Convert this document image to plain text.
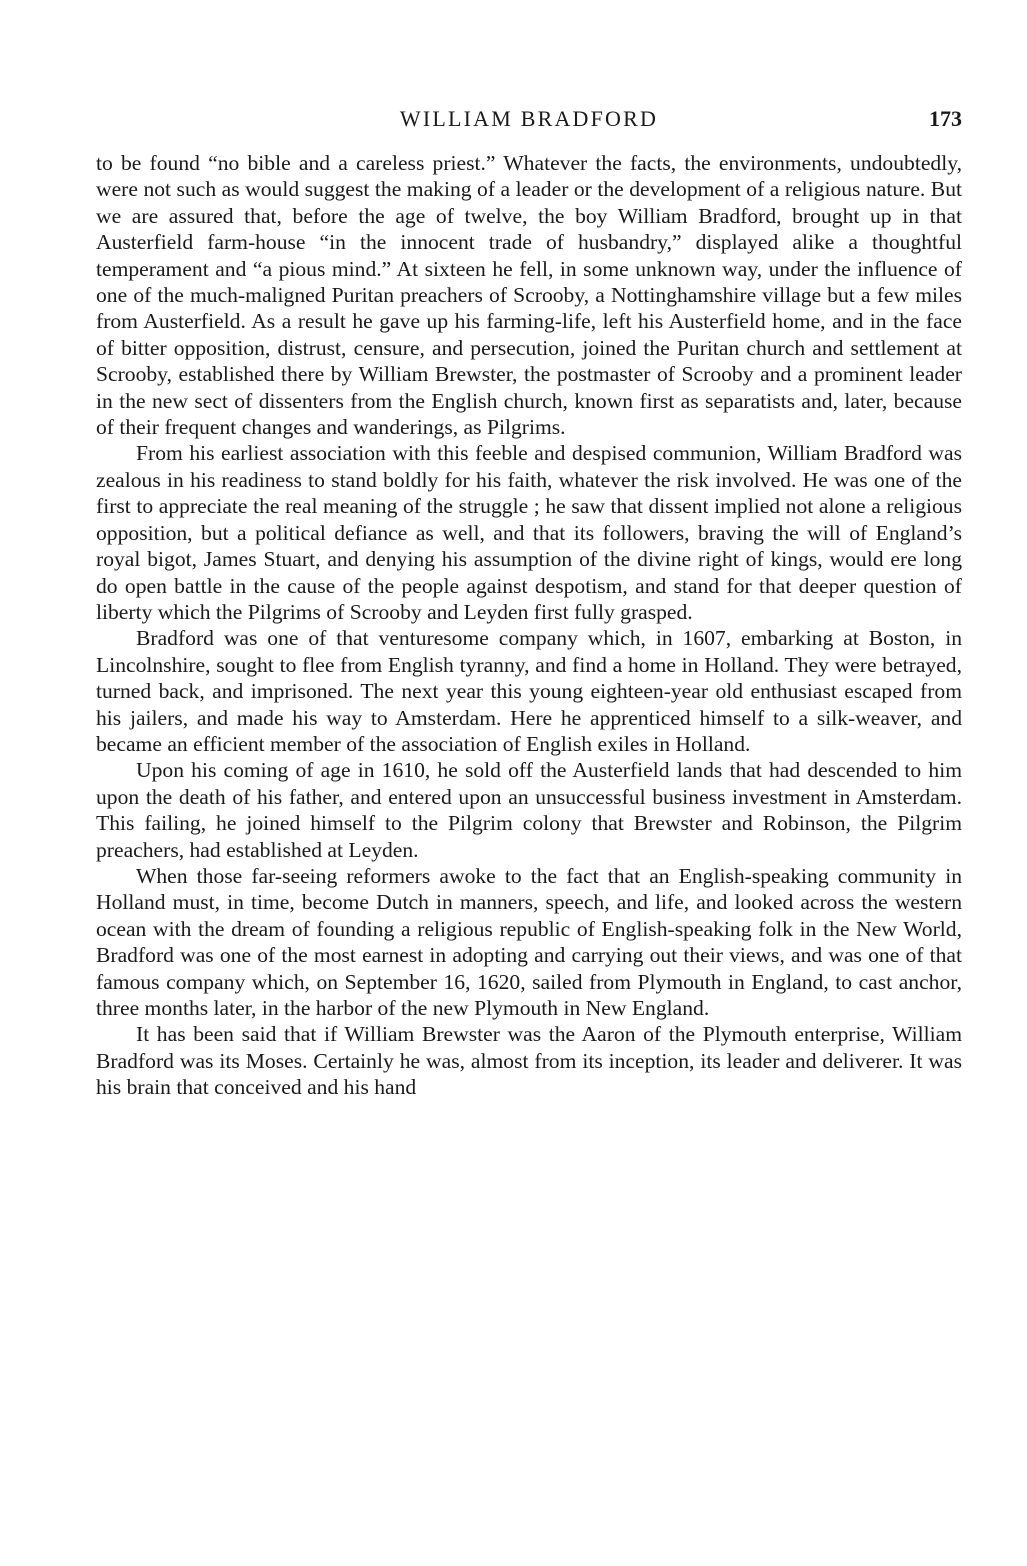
WILLIAM BRADFORD	173

to be found “no bible and a careless priest.” Whatever the facts, the environments, undoubtedly, were not such as would suggest the making of a leader or the development of a religious nature. But we are assured that, before the age of twelve, the boy William Bradford, brought up in that Austerfield farm-house “in the innocent trade of husbandry,” displayed alike a thoughtful temperament and “a pious mind.” At sixteen he fell, in some unknown way, under the influence of one of the much-maligned Puritan preachers of Scrooby, a Nottinghamshire village but a few miles from Austerfield. As a result he gave up his farming-life, left his Austerfield home, and in the face of bitter opposition, distrust, censure, and persecution, joined the Puritan church and settlement at Scrooby, established there by William Brewster, the postmaster of Scrooby and a prominent leader in the new sect of dissenters from the English church, known first as separatists and, later, because of their frequent changes and wanderings, as Pilgrims.

From his earliest association with this feeble and despised communion, William Bradford was zealous in his readiness to stand boldly for his faith, whatever the risk involved. He was one of the first to appreciate the real meaning of the struggle ; he saw that dissent implied not alone a religious opposition, but a political defiance as well, and that its followers, braving the will of England’s royal bigot, James Stuart, and denying his assumption of the divine right of kings, would ere long do open battle in the cause of the people against despotism, and stand for that deeper question of liberty which the Pilgrims of Scrooby and Leyden first fully grasped.

Bradford was one of that venturesome company which, in 1607, embarking at Boston, in Lincolnshire, sought to flee from English tyranny, and find a home in Holland. They were betrayed, turned back, and imprisoned. The next year this young eighteen-year old enthusiast escaped from his jailers, and made his way to Amsterdam. Here he apprenticed himself to a silk-weaver, and became an efficient member of the association of English exiles in Holland.

Upon his coming of age in 1610, he sold off the Austerfield lands that had descended to him upon the death of his father, and entered upon an unsuccessful business investment in Amsterdam. This failing, he joined himself to the Pilgrim colony that Brewster and Robinson, the Pilgrim preachers, had established at Leyden.

When those far-seeing reformers awoke to the fact that an English-speaking community in Holland must, in time, become Dutch in manners, speech, and life, and looked across the western ocean with the dream of founding a religious republic of English-speaking folk in the New World, Bradford was one of the most earnest in adopting and carrying out their views, and was one of that famous company which, on September 16, 1620, sailed from Plymouth in England, to cast anchor, three months later, in the harbor of the new Plymouth in New England.

It has been said that if William Brewster was the Aaron of the Plymouth enterprise, William Bradford was its Moses. Certainly he was, almost from its inception, its leader and deliverer. It was his brain that conceived and his hand
